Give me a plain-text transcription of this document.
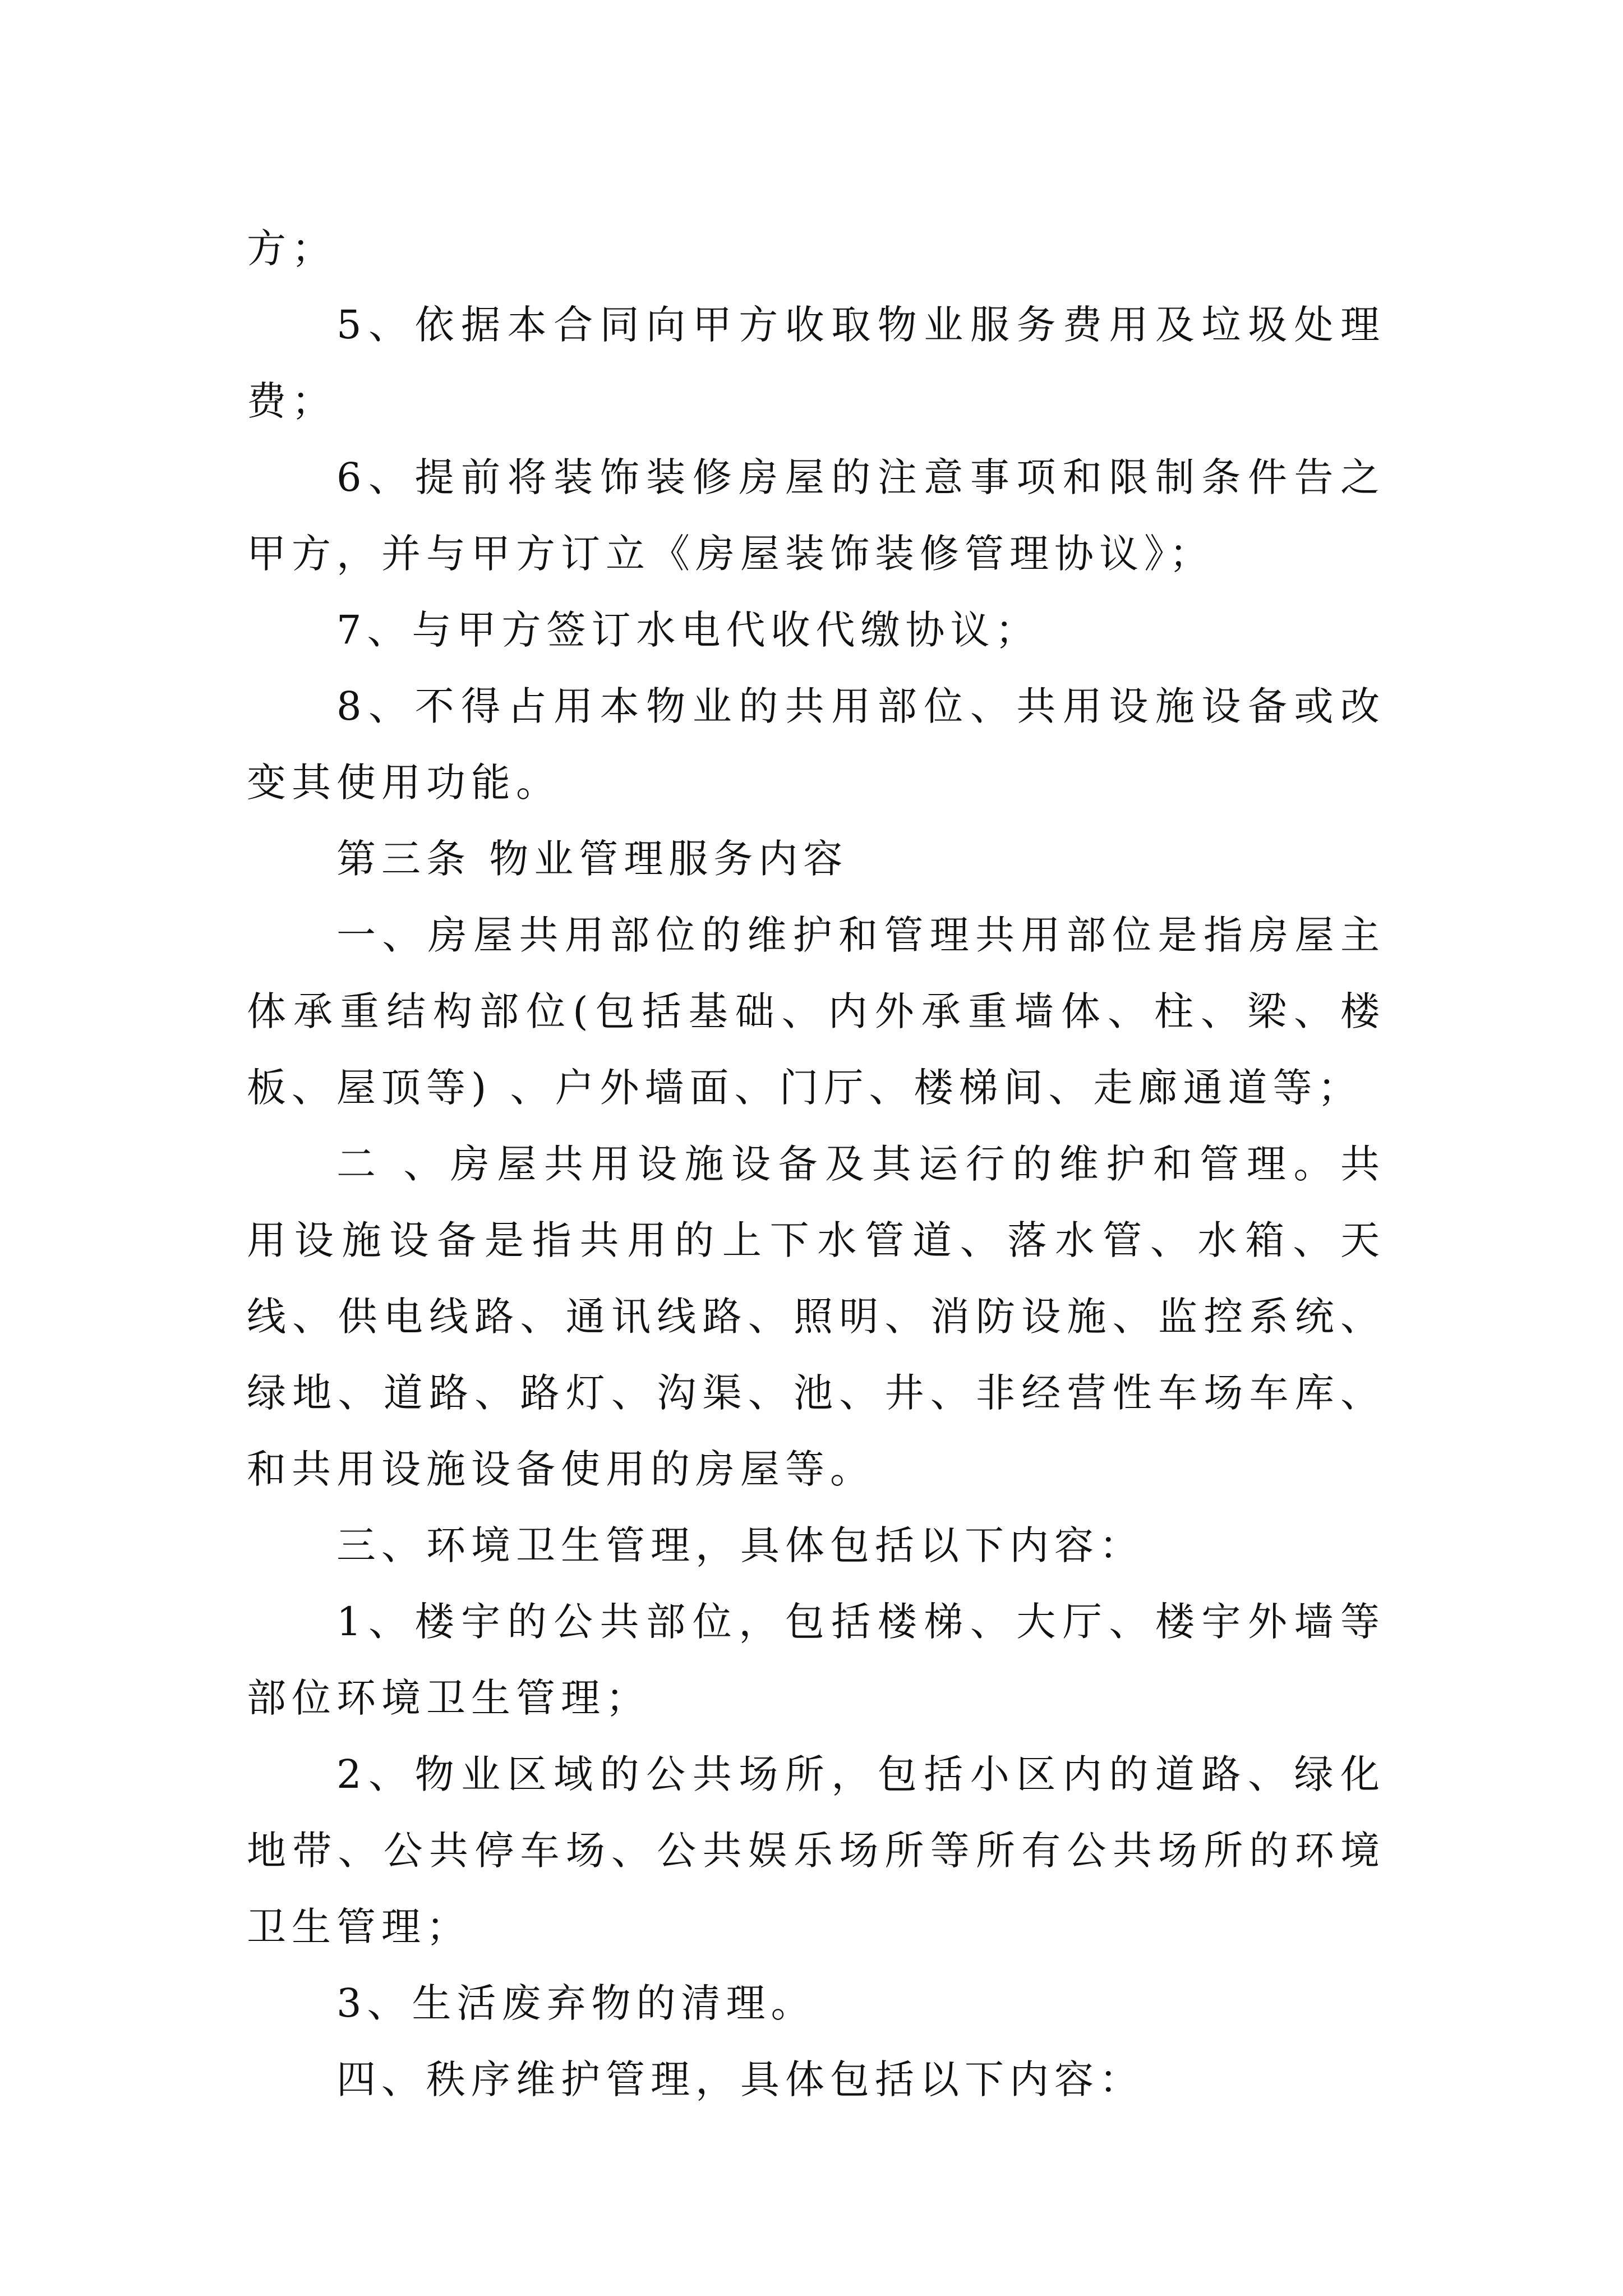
方；

5、依据本合同向甲方收取物业服务费用及垃圾处理费；

6、提前将装饰装修房屋的注意事项和限制条件告之甲方，并与甲方订立《房屋装饰装修管理协议》；

7、与甲方签订水电代收代缴协议；

8、不得占用本物业的共用部位、共用设施设备或改变其使用功能。

第三条 物业管理服务内容

一、房屋共用部位的维护和管理共用部位是指房屋主体承重结构部位(包括基础、内外承重墙体、柱、梁、楼板、屋顶等) 、户外墙面、门厅、楼梯间、走廊通道等；

二 、房屋共用设施设备及其运行的维护和管理。共用设施设备是指共用的上下水管道、落水管、水箱、天线、供电线路、通讯线路、照明、消防设施、监控系统、绿地、道路、路灯、沟渠、池、井、非经营性车场车库、和共用设施设备使用的房屋等。

三、环境卫生管理，具体包括以下内容：

1、楼宇的公共部位，包括楼梯、大厅、楼宇外墙等部位环境卫生管理；

2、物业区域的公共场所，包括小区内的道路、绿化地带、公共停车场、公共娱乐场所等所有公共场所的环境卫生管理；

3、生活废弃物的清理。

四、秩序维护管理，具体包括以下内容：
